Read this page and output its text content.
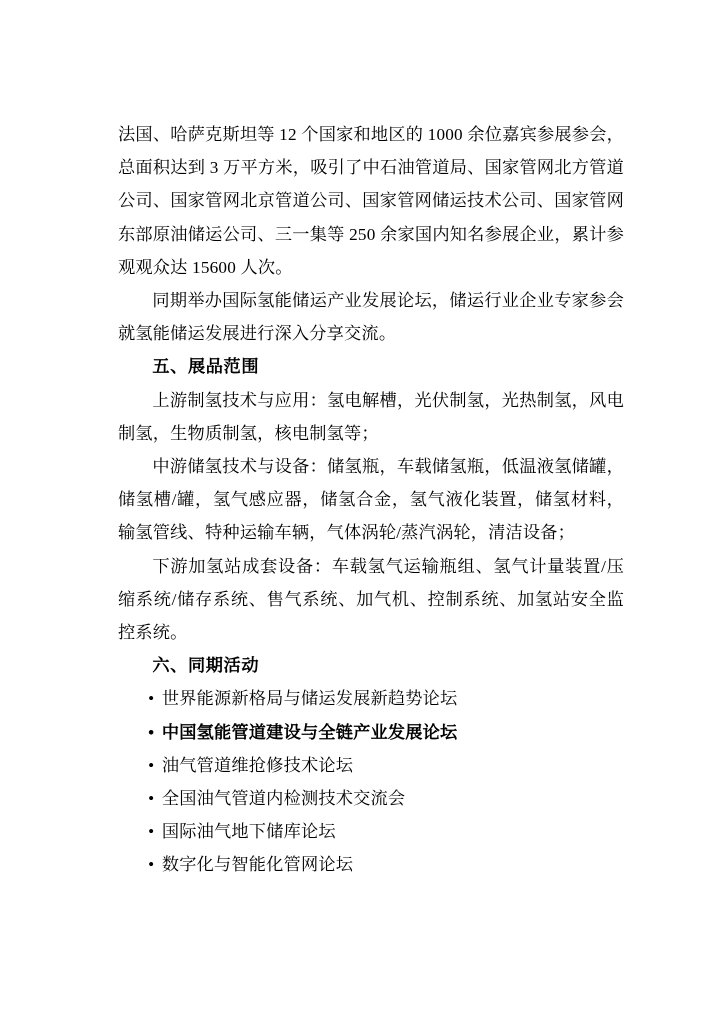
法国、哈萨克斯坦等 12 个国家和地区的 1000 余位嘉宾参展参会，总面积达到 3 万平方米，吸引了中石油管道局、国家管网北方管道公司、国家管网北京管道公司、国家管网储运技术公司、国家管网东部原油储运公司、三一集等 250 余家国内知名参展企业，累计参观观众达 15600 人次。

同期举办国际氢能储运产业发展论坛，储运行业企业专家参会就氢能储运发展进行深入分享交流。

五、展品范围

上游制氢技术与应用：氢电解槽，光伏制氢，光热制氢，风电制氢，生物质制氢，核电制氢等；

中游储氢技术与设备：储氢瓶，车载储氢瓶，低温液氢储罐，储氢槽/罐，氢气感应器，储氢合金，氢气液化装置，储氢材料，输氢管线、特种运输车辆，气体涡轮/蒸汽涡轮，清洁设备；

下游加氢站成套设备：车载氢气运输瓶组、氢气计量装置/压缩系统/储存系统、售气系统、加气机、控制系统、加氢站安全监控系统。

六、同期活动
• 世界能源新格局与储运发展新趋势论坛
• 中国氢能管道建设与全链产业发展论坛
• 油气管道维抢修技术论坛
• 全国油气管道内检测技术交流会
• 国际油气地下储库论坛
• 数字化与智能化管网论坛
